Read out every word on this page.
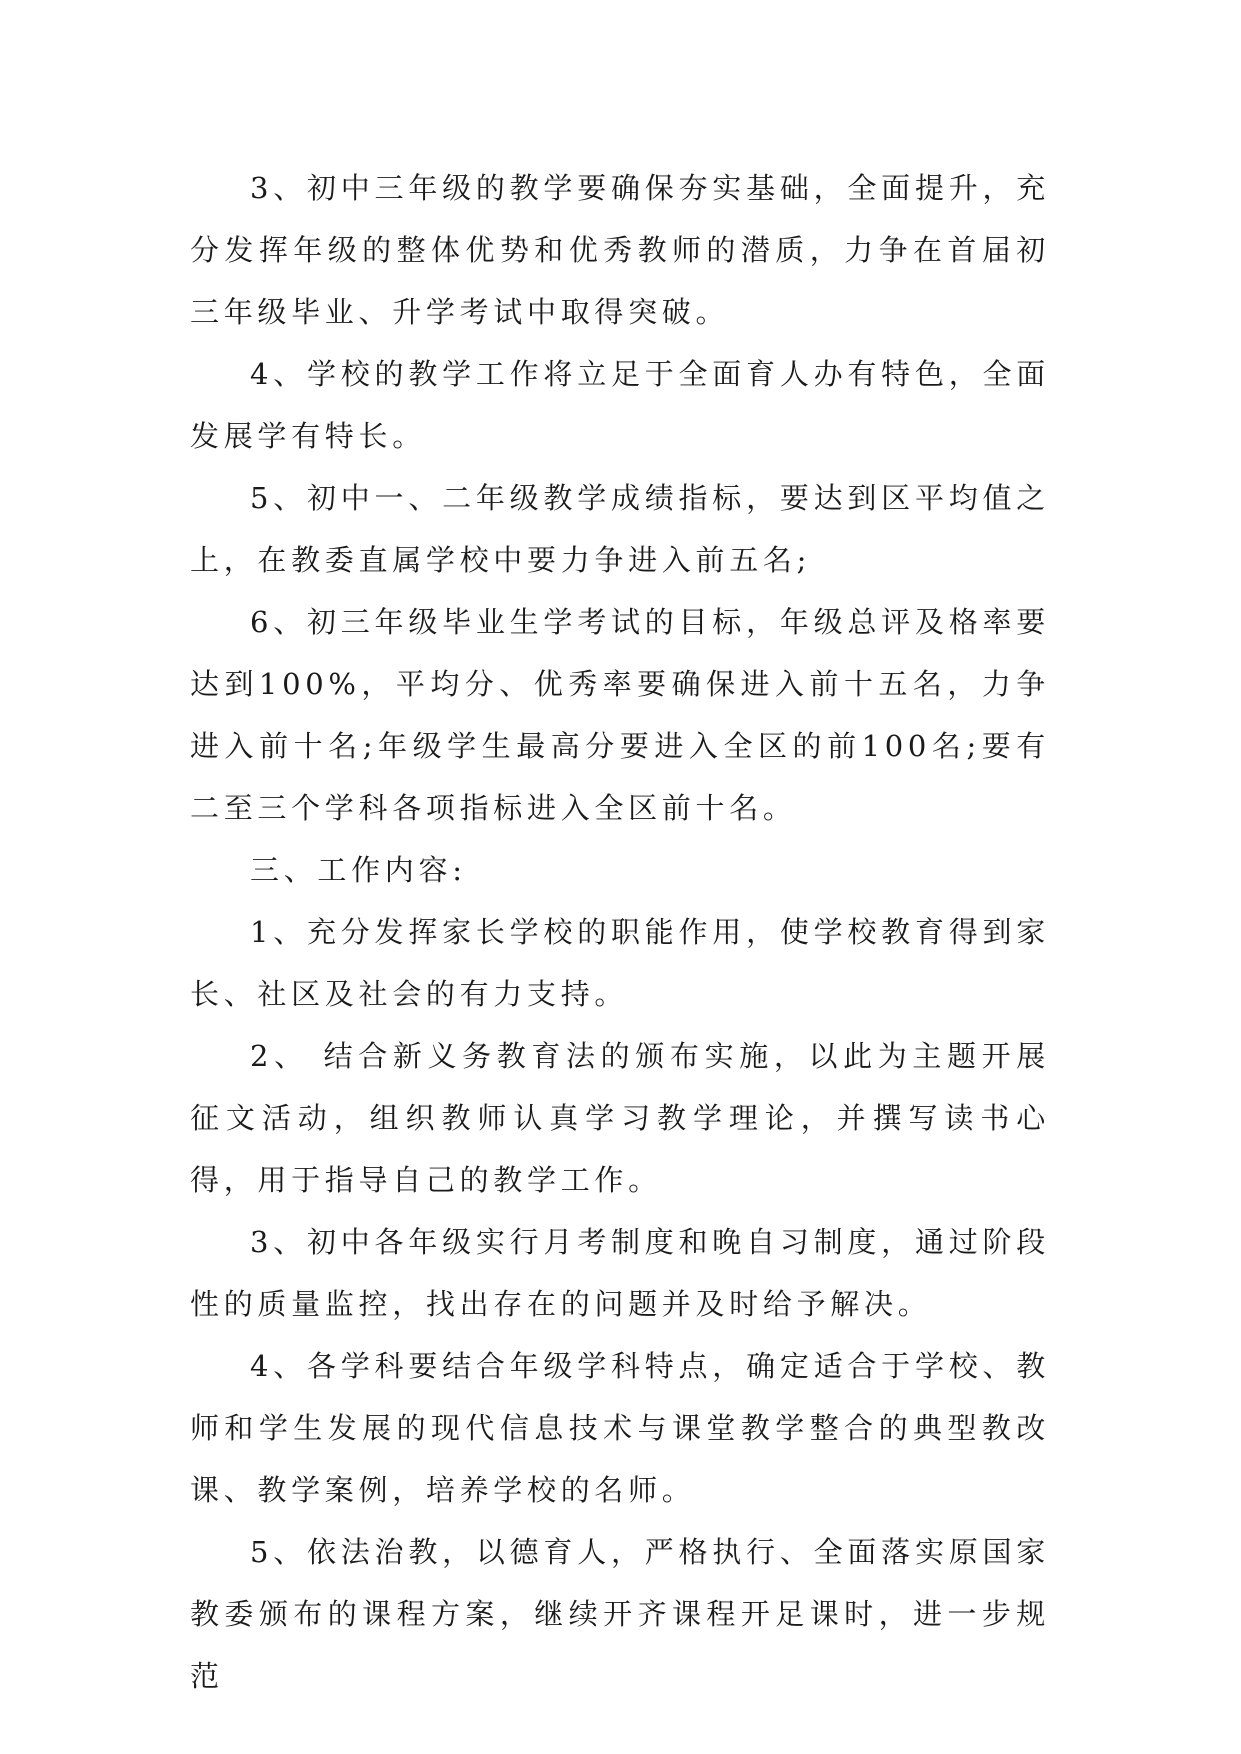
3、初中三年级的教学要确保夯实基础，全面提升，充分发挥年级的整体优势和优秀教师的潜质，力争在首届初三年级毕业、升学考试中取得突破。

4、学校的教学工作将立足于全面育人办有特色，全面发展学有特长。

5、初中一、二年级教学成绩指标，要达到区平均值之上，在教委直属学校中要力争进入前五名;

6、初三年级毕业生学考试的目标，年级总评及格率要达到100%，平均分、优秀率要确保进入前十五名，力争进入前十名;年级学生最高分要进入全区的前100名;要有二至三个学科各项指标进入全区前十名。

三、工作内容:

1、充分发挥家长学校的职能作用，使学校教育得到家长、社区及社会的有力支持。

2、 结合新义务教育法的颁布实施，以此为主题开展征文活动，组织教师认真学习教学理论，并撰写读书心得，用于指导自己的教学工作。

3、初中各年级实行月考制度和晚自习制度，通过阶段性的质量监控，找出存在的问题并及时给予解决。

4、各学科要结合年级学科特点，确定适合于学校、教师和学生发展的现代信息技术与课堂教学整合的典型教改课、教学案例，培养学校的名师。

5、依法治教，以德育人，严格执行、全面落实原国家教委颁布的课程方案，继续开齐课程开足课时，进一步规范
